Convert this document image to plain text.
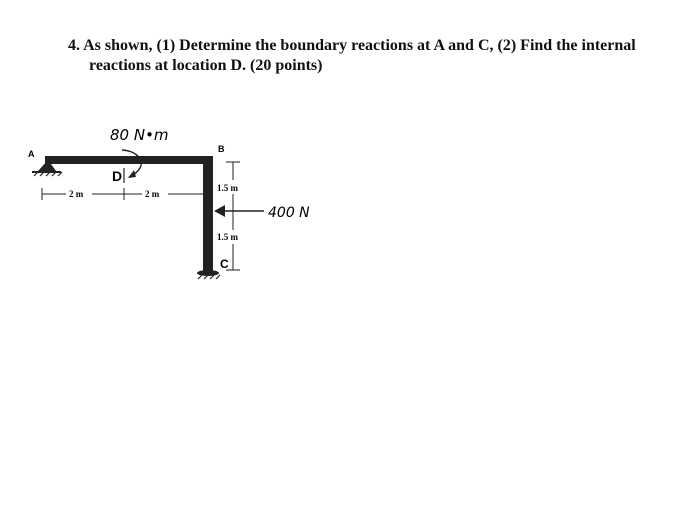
4. As shown, (1) Determine the boundary reactions at A and C, (2) Find the internal
reactions at location D. (20 points)
A	B
D
C
80 N•m
2 m	2 m
1.5 m
1.5 m
400 N
